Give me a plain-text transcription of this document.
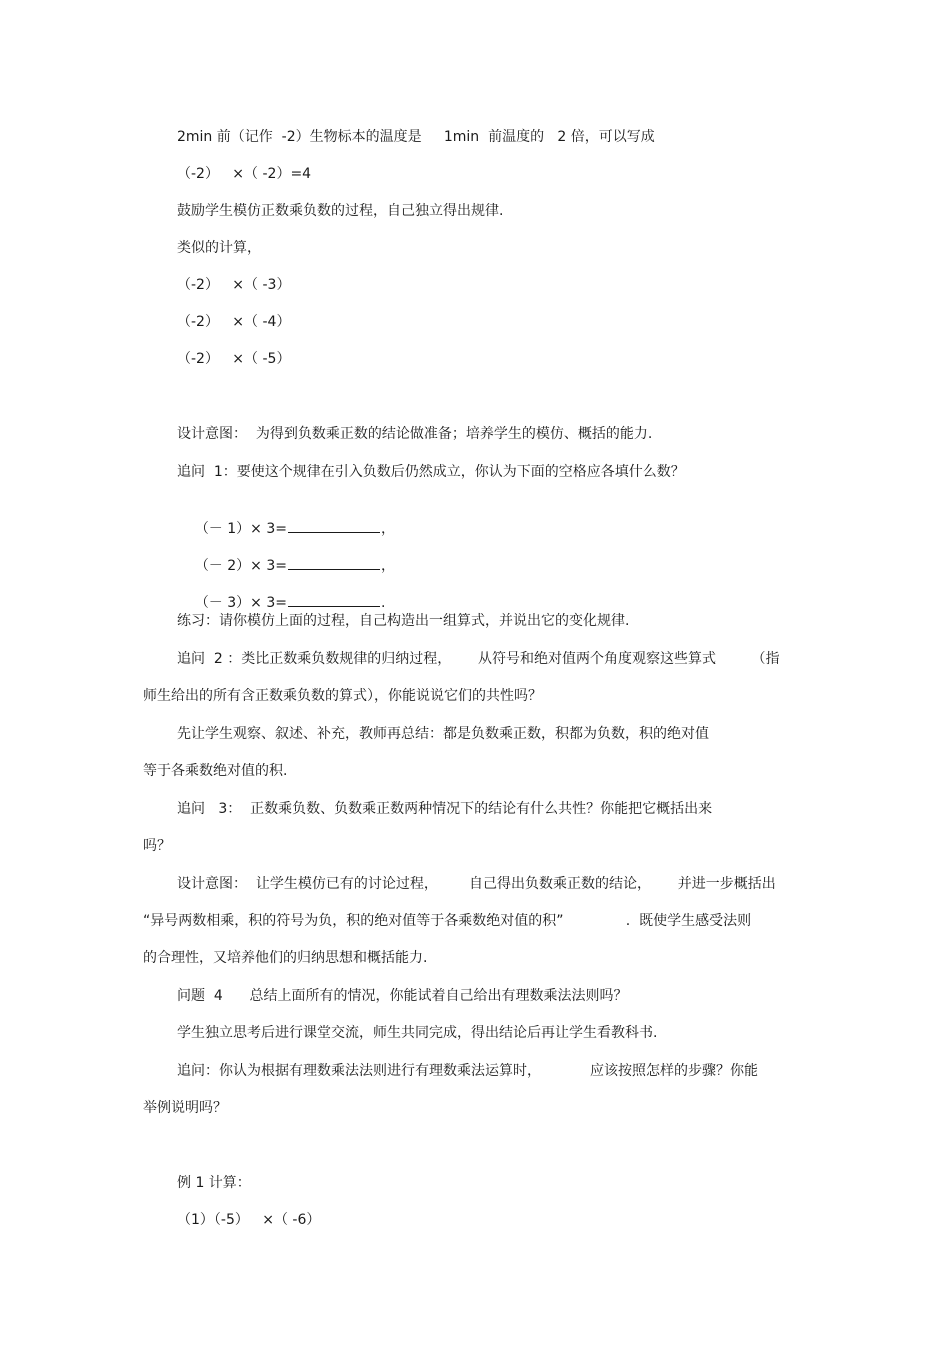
2min 前（记作  -2）生物标本的温度是     1min  前温度的   2 倍，可以写成
（-2）   ×（ -2）=4
鼓励学生模仿正数乘负数的过程，自己独立得出规律.
类似的计算，
（-2）   ×（ -3）
（-2）   ×（ -4）
（-2）   ×（ -5）
设计意图：  为得到负数乘正数的结论做准备；培养学生的模仿、概括的能力.
追问  1：要使这个规律在引入负数后仍然成立，你认为下面的空格应各填什么数？

（－ 1）× 3=	，

（－ 2）× 3=	，

（－ 3）× 3=	.

练习：请你模仿上面的过程，自己构造出一组算式，并说出它的变化规律.
追问  2 ：类比正数乘负数规律的归纳过程，      从符号和绝对值两个角度观察这些算式        （指
师生给出的所有含正数乘负数的算式），你能说说它们的共性吗？
先让学生观察、叙述、补充，教师再总结：都是负数乘正数，积都为负数，积的绝对值
等于各乘数绝对值的积.
追问   3：  正数乘负数、负数乘正数两种情况下的结论有什么共性？你能把它概括出来
吗？
设计意图：  让学生模仿已有的讨论过程，       自己得出负数乘正数的结论，      并进一步概括出
“异号两数相乘，积的符号为负，积的绝对值等于各乘数绝对值的积”              .  既使学生感受法则
的合理性，又培养他们的归纳思想和概括能力.
问题  4      总结上面所有的情况，你能试着自己给出有理数乘法法则吗？
学生独立思考后进行课堂交流，师生共同完成，得出结论后再让学生看教科书.
追问：你认为根据有理数乘法法则进行有理数乘法运算时，           应该按照怎样的步骤？你能
举例说明吗？
例 1 计算：
（1）（-5）   ×（ -6）
